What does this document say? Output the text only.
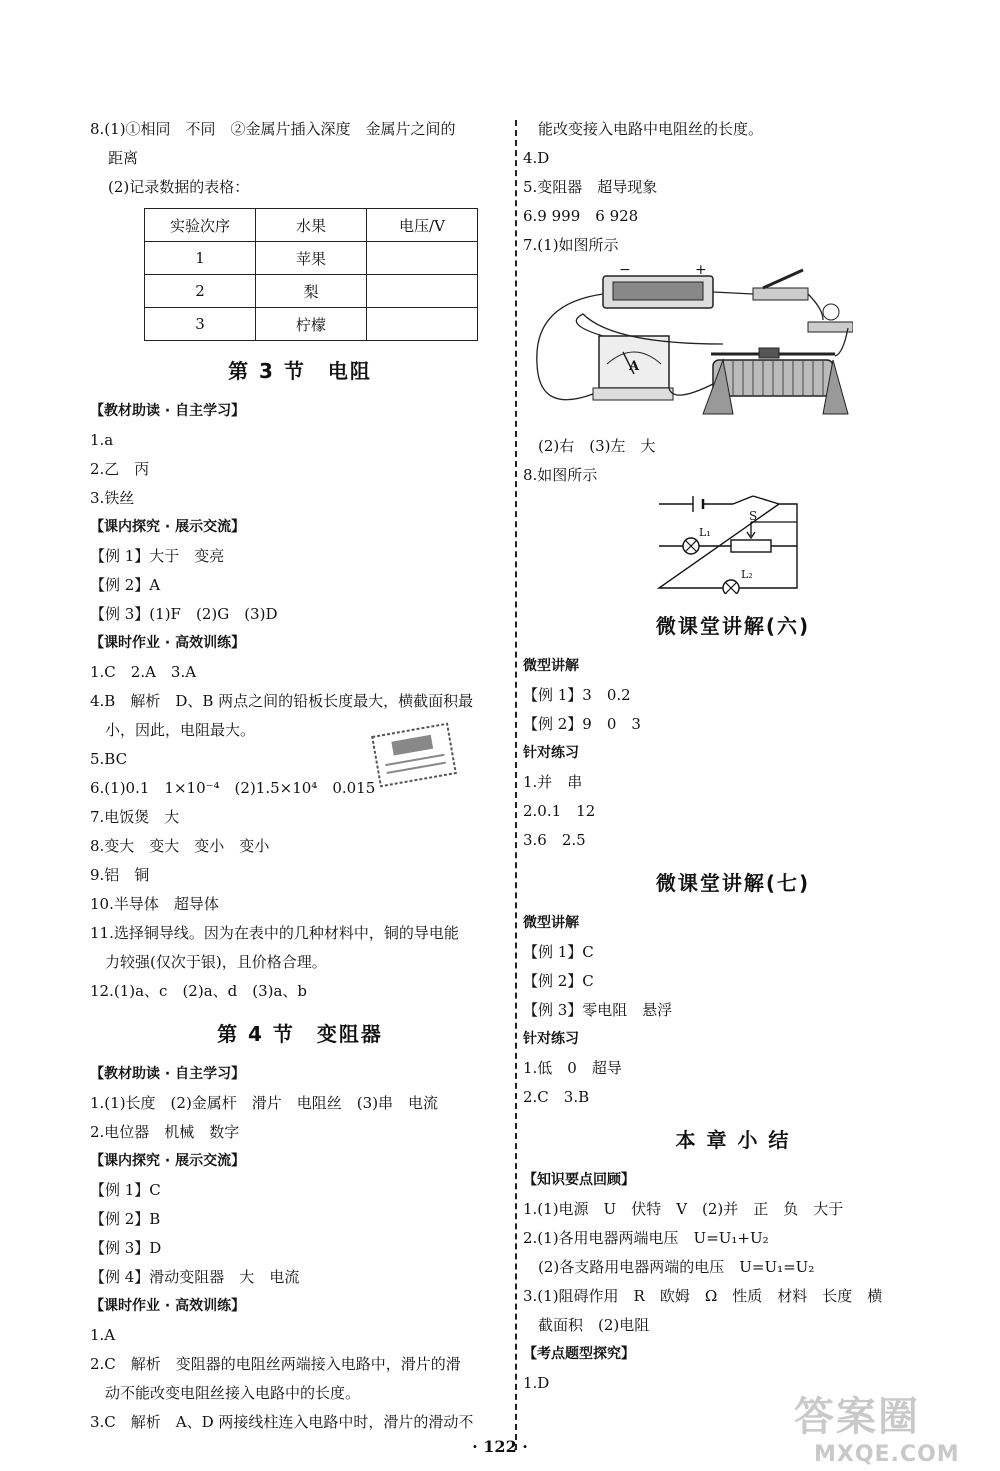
8.(1)①相同　不同　②金属片插入深度　金属片之间的
距离
(2)记录数据的表格：
实验次序	水果	电压/V
1	苹果	
2	梨	
3	柠檬	
第 3 节　电阻
【教材助读 · 自主学习】
1.a
2.乙　丙
3.铁丝
【课内探究 · 展示交流】
【例 1】大于　变亮
【例 2】A
【例 3】(1)F　(2)G　(3)D
【课时作业 · 高效训练】
1.C　2.A　3.A
4.B　解析　D、B 两点之间的铅板长度最大，横截面积最
小，因此，电阻最大。
5.BC
6.(1)0.1　1×10⁻⁴　(2)1.5×10⁴　0.015
7.电饭煲　大
8.变大　变大　变小　变小
9.铝　铜
10.半导体　超导体
11.选择铜导线。因为在表中的几种材料中，铜的导电能
力较强(仅次于银)，且价格合理。
12.(1)a、c　(2)a、d　(3)a、b
第 4 节　变阻器
【教材助读 · 自主学习】
1.(1)长度　(2)金属杆　滑片　电阻丝　(3)串　电流
2.电位器　机械　数字
【课内探究 · 展示交流】
【例 1】C
【例 2】B
【例 3】D
【例 4】滑动变阻器　大　电流
【课时作业 · 高效训练】
1.A
2.C　解析　变阻器的电阻丝两端接入电路中，滑片的滑
动不能改变电阻丝接入电路中的长度。
3.C　解析　A、D 两接线柱连入电路中时，滑片的滑动不
能改变接入电路中电阻丝的长度。
4.D
5.变阻器　超导现象
6.9 999　6 928
7.(1)如图所示
−	+
A
(2)右　(3)左　大
8.如图所示
S
L₁
L₂
微课堂讲解(六)
微型讲解
【例 1】3　0.2
【例 2】9　0　3
针对练习
1.并　串
2.0.1　12
3.6　2.5
微课堂讲解(七)
微型讲解
【例 1】C
【例 2】C
【例 3】零电阻　悬浮
针对练习
1.低　0　超导
2.C　3.B
本 章 小 结
【知识要点回顾】
1.(1)电源　U　伏特　V　(2)并　正　负　大于
2.(1)各用电器两端电压　U=U₁+U₂
(2)各支路用电器两端的电压　U=U₁=U₂
3.(1)阻碍作用　R　欧姆　Ω　性质　材料　长度　横
截面积　(2)电阻
【考点题型探究】
1.D
· 122 ·
答案圈
MXQE.COM
